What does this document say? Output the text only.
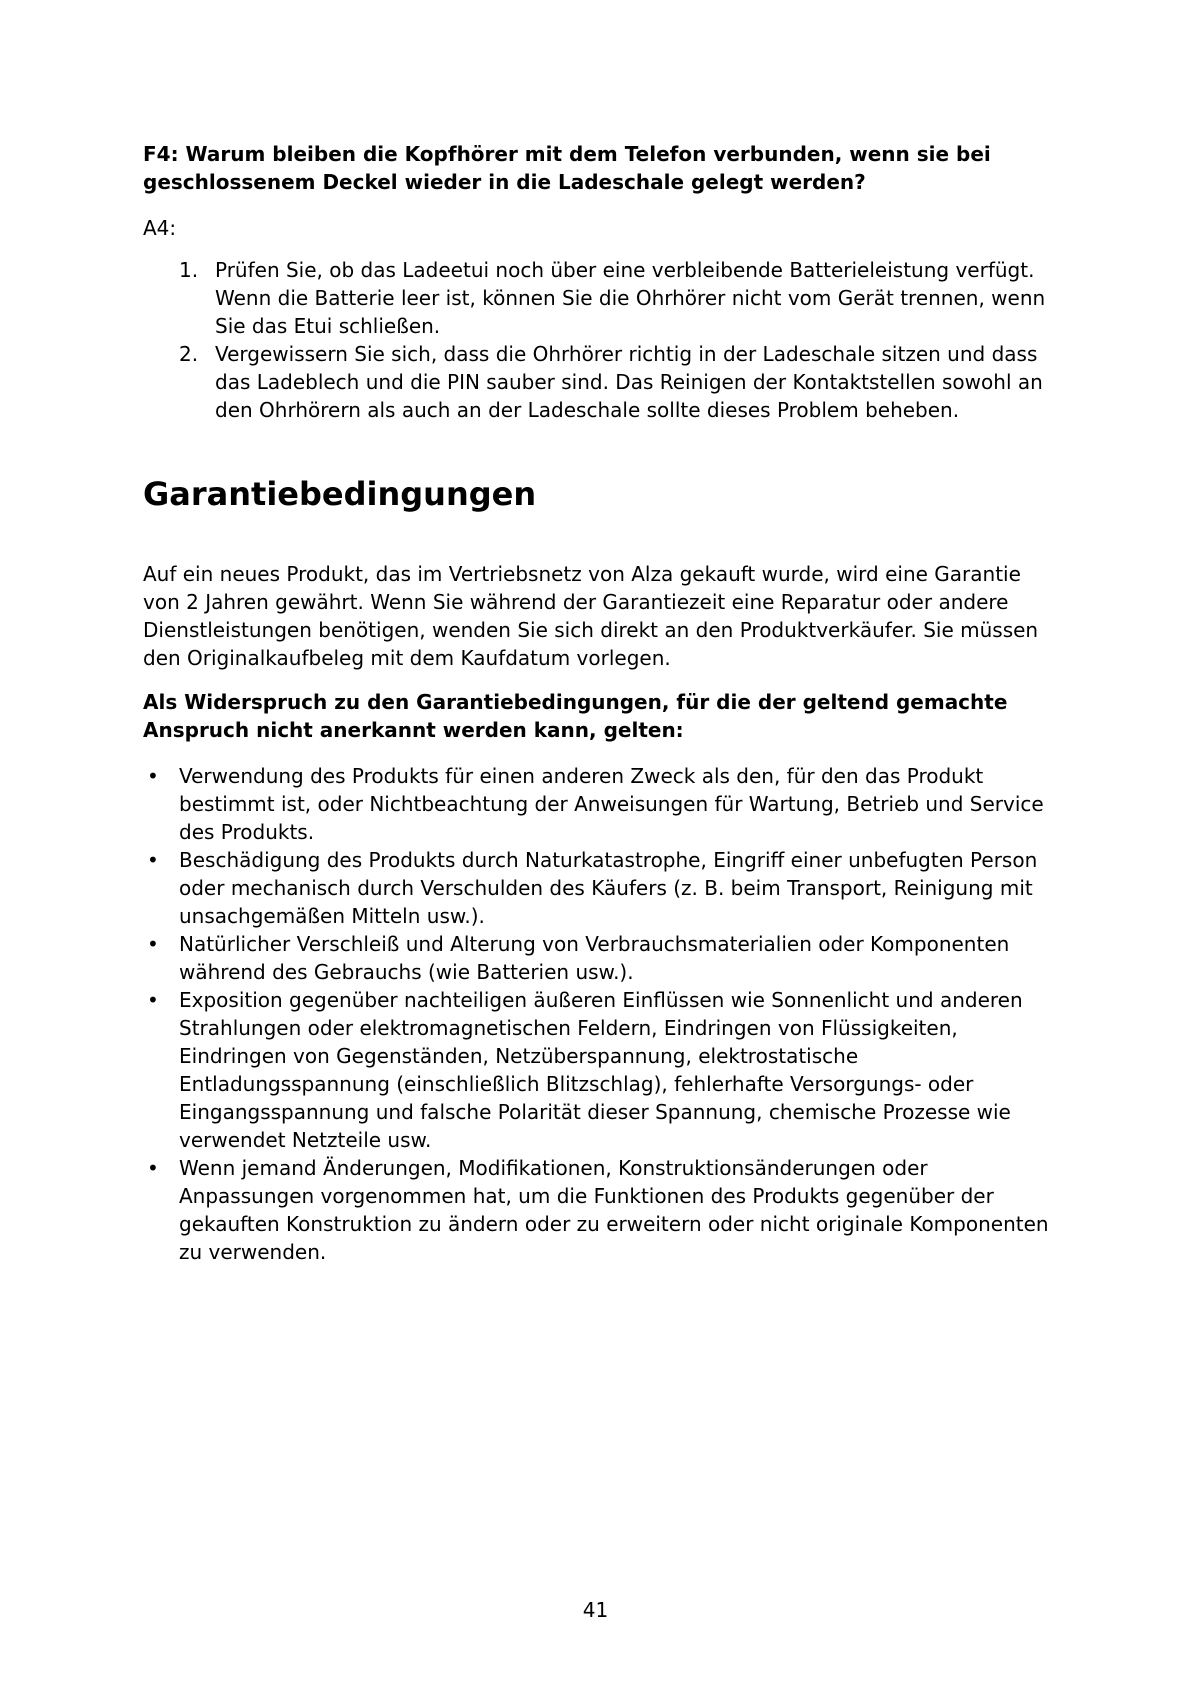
F4: Warum bleiben die Kopfhörer mit dem Telefon verbunden, wenn sie bei geschlossenem Deckel wieder in die Ladeschale gelegt werden?

A4:

1. Prüfen Sie, ob das Ladeetui noch über eine verbleibende Batterieleistung verfügt. Wenn die Batterie leer ist, können Sie die Ohrhörer nicht vom Gerät trennen, wenn Sie das Etui schließen.
2. Vergewissern Sie sich, dass die Ohrhörer richtig in der Ladeschale sitzen und dass das Ladeblech und die PIN sauber sind. Das Reinigen der Kontaktstellen sowohl an den Ohrhörern als auch an der Ladeschale sollte dieses Problem beheben.
Garantiebedingungen

Auf ein neues Produkt, das im Vertriebsnetz von Alza gekauft wurde, wird eine Garantie von 2 Jahren gewährt. Wenn Sie während der Garantiezeit eine Reparatur oder andere Dienstleistungen benötigen, wenden Sie sich direkt an den Produktverkäufer. Sie müssen den Originalkaufbeleg mit dem Kaufdatum vorlegen.

Als Widerspruch zu den Garantiebedingungen, für die der geltend gemachte Anspruch nicht anerkannt werden kann, gelten:

• Verwendung des Produkts für einen anderen Zweck als den, für den das Produkt bestimmt ist, oder Nichtbeachtung der Anweisungen für Wartung, Betrieb und Service des Produkts.
• Beschädigung des Produkts durch Naturkatastrophe, Eingriff einer unbefugten Person oder mechanisch durch Verschulden des Käufers (z. B. beim Transport, Reinigung mit unsachgemäßen Mitteln usw.).
• Natürlicher Verschleiß und Alterung von Verbrauchsmaterialien oder Komponenten während des Gebrauchs (wie Batterien usw.).
• Exposition gegenüber nachteiligen äußeren Einflüssen wie Sonnenlicht und anderen Strahlungen oder elektromagnetischen Feldern, Eindringen von Flüssigkeiten, Eindringen von Gegenständen, Netzüberspannung, elektrostatische Entladungsspannung (einschließlich Blitzschlag), fehlerhafte Versorgungs- oder Eingangsspannung und falsche Polarität dieser Spannung, chemische Prozesse wie verwendet Netzteile usw.
• Wenn jemand Änderungen, Modifikationen, Konstruktionsänderungen oder Anpassungen vorgenommen hat, um die Funktionen des Produkts gegenüber der gekauften Konstruktion zu ändern oder zu erweitern oder nicht originale Komponenten zu verwenden.
41
